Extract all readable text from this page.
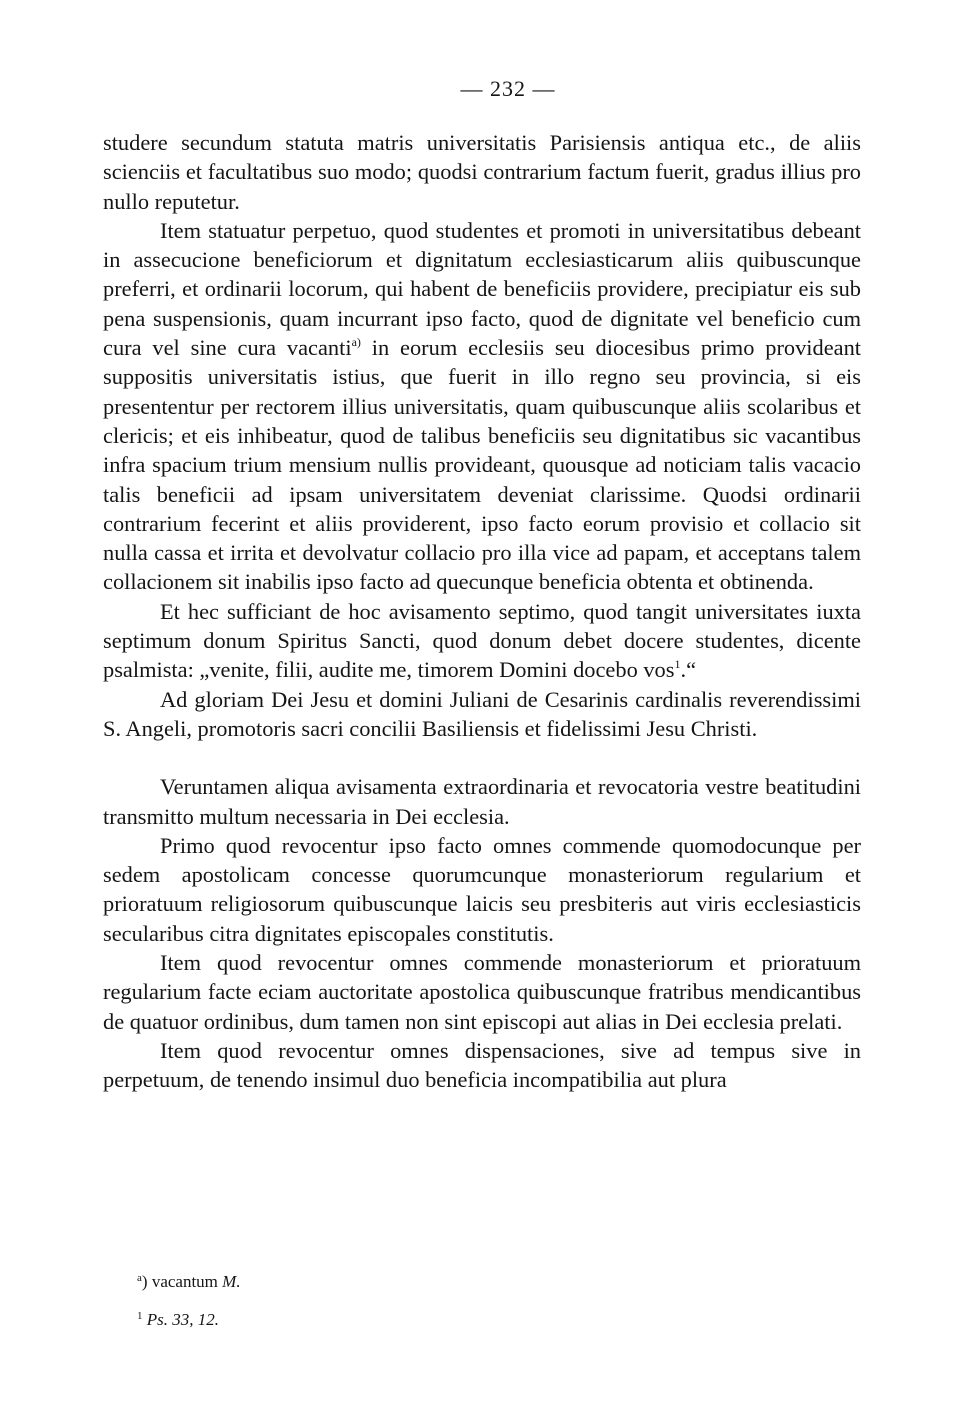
— 232 —

studere secundum statuta matris universitatis Parisiensis antiqua etc., de aliis scienciis et facultatibus suo modo; quodsi contrarium factum fuerit, gradus illius pro nullo reputetur.

Item statuatur perpetuo, quod studentes et promoti in universitatibus debeant in assecucione beneficiorum et dignitatum ecclesiasticarum aliis quibuscunque preferri, et ordinarii locorum, qui habent de beneficiis providere, precipiatur eis sub pena suspensionis, quam incurrant ipso facto, quod de dignitate vel beneficio cum cura vel sine cura vacanti$^{a)}$ in eorum ecclesiis seu diocesibus primo provideant suppositis universitatis istius, que fuerit in illo regno seu provincia, si eis presententur per rectorem illius universitatis, quam quibuscunque aliis scolaribus et clericis; et eis inhibeatur, quod de talibus beneficiis seu dignitatibus sic vacantibus infra spacium trium mensium nullis provideant, quousque ad noticiam talis vacacio talis beneficii ad ipsam universitatem deveniat clarissime. Quodsi ordinarii contrarium fecerint et aliis providerent, ipso facto eorum provisio et collacio sit nulla cassa et irrita et devolvatur collacio pro illa vice ad papam, et acceptans talem collacionem sit inabilis ipso facto ad quecunque beneficia obtenta et obtinenda.

Et hec sufficiant de hoc avisamento septimo, quod tangit universitates iuxta septimum donum Spiritus Sancti, quod donum debet docere studentes, dicente psalmista: „venite, filii, audite me, timorem Domini docebo vos$^1$.“

Ad gloriam Dei Jesu et domini Juliani de Cesarinis cardinalis reverendissimi S. Angeli, promotoris sacri concilii Basiliensis et fidelissimi Jesu Christi.

Veruntamen aliqua avisamenta extraordinaria et revocatoria vestre beatitudini transmitto multum necessaria in Dei ecclesia.

Primo quod revocentur ipso facto omnes commende quomodocunque per sedem apostolicam concesse quorumcunque monasteriorum regularium et prioratuum religiosorum quibuscunque laicis seu presbiteris aut viris ecclesiasticis secularibus citra dignitates episcopales constitutis.

Item quod revocentur omnes commende monasteriorum et prioratuum regularium facte eciam auctoritate apostolica quibuscunque fratribus mendicantibus de quatuor ordinibus, dum tamen non sint episcopi aut alias in Dei ecclesia prelati.

Item quod revocentur omnes dispensaciones, sive ad tempus sive in perpetuum, de tenendo insimul duo beneficia incompatibilia aut plura

$^a$) vacantum M.

$^1$ Ps. 33, 12.
